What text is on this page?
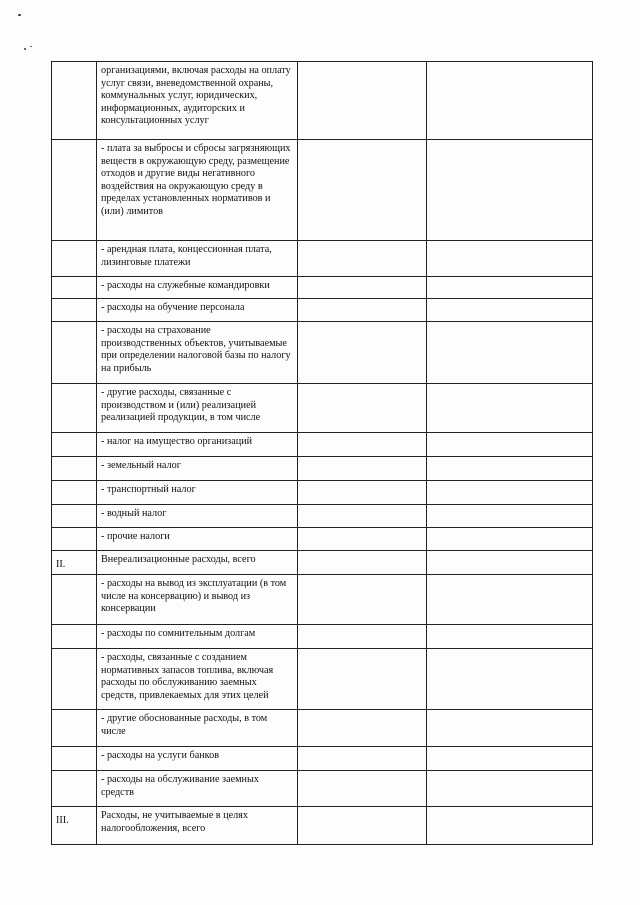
	организациями, включая расходы на оплату услуг связи, вневедомственной охраны, коммунальных услуг, юридических, информационных, аудиторских и консультационных услуг		
	- плата за выбросы и сбросы загрязняющих веществ в окружающую среду, размещение отходов и другие виды негативного воздействия на окружающую среду в пределах установленных нормативов и (или) лимитов		
	- арендная плата, концессионная плата, лизинговые платежи		
	- расходы на служебные командировки		
	- расходы на обучение персонала		
	- расходы на страхование производственных объектов, учитываемые при определении налоговой базы по налогу на прибыль		
	- другие расходы, связанные с производством и (или) реализацией реализацией продукции, в том числе		
	- налог на имущество организаций		
	- земельный налог		
	- транспортный налог		
	- водный налог		
	- прочие налоги		
II.	Внереализационные расходы, всего		
	- расходы на вывод из эксплуатации (в том числе на консервацию) и вывод из консервации		
	- расходы по сомнительным долгам		
	- расходы, связанные с созданием нормативных запасов топлива, включая расходы по обслуживанию заемных средств, привлекаемых для этих целей		
	- другие обоснованные расходы, в том числе		
	- расходы на услуги банков		
	- расходы на обслуживание заемных средств		
III.	Расходы, не учитываемые в целях налогообложения, всего		
